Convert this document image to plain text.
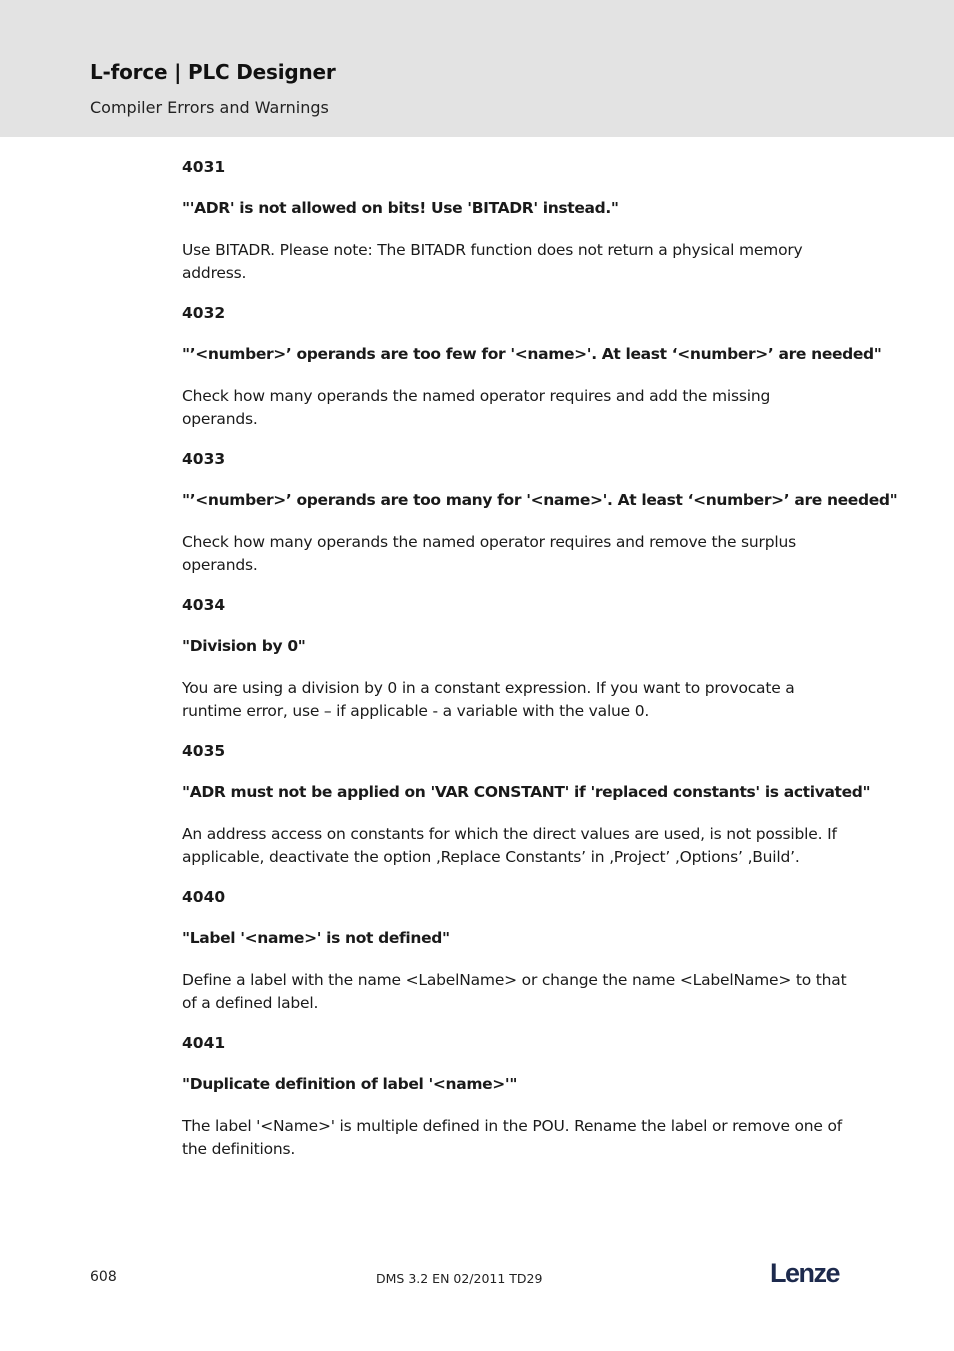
L-force | PLC Designer
Compiler Errors and Warnings
4031
"'ADR' is not allowed on bits! Use 'BITADR' instead."
Use BITADR. Please note: The BITADR function does not return a physical memory address.
4032
"’<number>’ operands are too few for '<name>'. At least ‘<number>’ are needed"
Check how many operands the named operator requires and add the missing operands.
4033
"’<number>’ operands are too many for '<name>'. At least ‘<number>’ are needed"
Check how many operands the named operator requires and remove the surplus operands.
4034
"Division by 0"
You are using a division by 0 in a constant expression. If you want to provocate a runtime error, use – if applicable - a variable with the value 0.
4035
"ADR must not be applied on 'VAR CONSTANT' if 'replaced constants' is activated"
An address access on constants for which the direct values are used, is not possible. If applicable, deactivate the option ‚Replace Constants’ in ‚Project’ ‚Options’ ‚Build’.
4040
"Label '<name>' is not defined"
Define a label with the name <LabelName> or change the name <LabelName> to that of a defined label.
4041
"Duplicate definition of label '<name>'"
The label '<Name>' is multiple defined in the POU. Rename the label or remove one of the definitions.
608	DMS 3.2 EN 02/2011 TD29	Lenze
